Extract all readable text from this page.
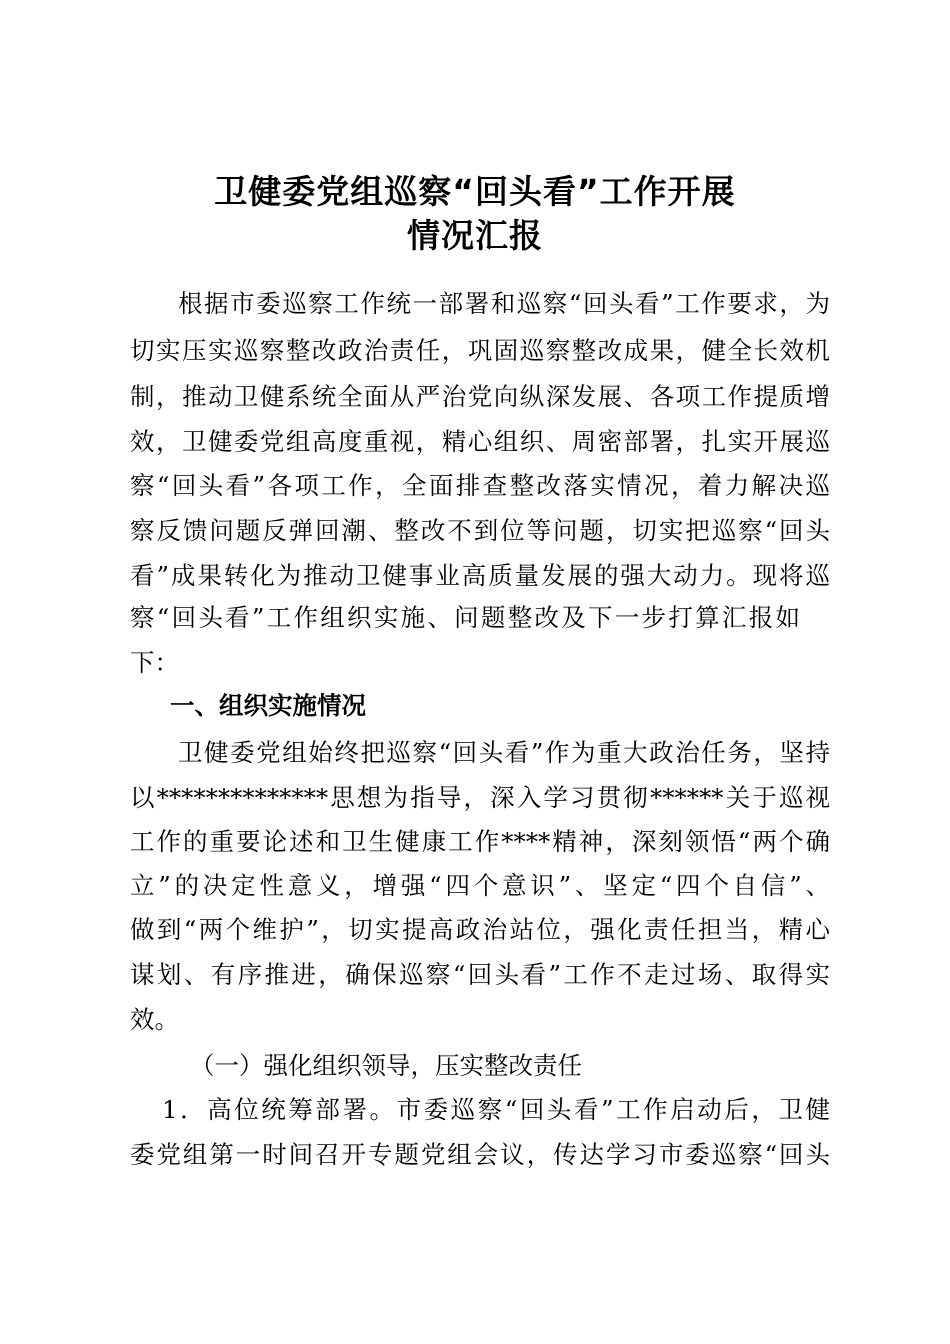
卫健委党组巡察“回头看”工作开展
情况汇报
根据市委巡察工作统一部署和巡察“回头看”工作要求，为
切实压实巡察整改政治责任，巩固巡察整改成果，健全长效机
制，推动卫健系统全面从严治党向纵深发展、各项工作提质增
效，卫健委党组高度重视，精心组织、周密部署，扎实开展巡
察“回头看”各项工作，全面排查整改落实情况，着力解决巡
察反馈问题反弹回潮、整改不到位等问题，切实把巡察“回头
看”成果转化为推动卫健事业高质量发展的强大动力。现将巡
察“回头看”工作组织实施、问题整改及下一步打算汇报如
下：
一、组织实施情况
卫健委党组始终把巡察“回头看”作为重大政治任务，坚持
以**************思想为指导，深入学习贯彻******关于巡视
工作的重要论述和卫生健康工作****精神，深刻领悟“两个确
立”的决定性意义，增强“四个意识”、坚定“四个自信”、
做到“两个维护”，切实提高政治站位，强化责任担当，精心
谋划、有序推进，确保巡察“回头看”工作不走过场、取得实
效。
（一）强化组织领导，压实整改责任
1．高位统筹部署。市委巡察“回头看”工作启动后，卫健
委党组第一时间召开专题党组会议，传达学习市委巡察“回头
